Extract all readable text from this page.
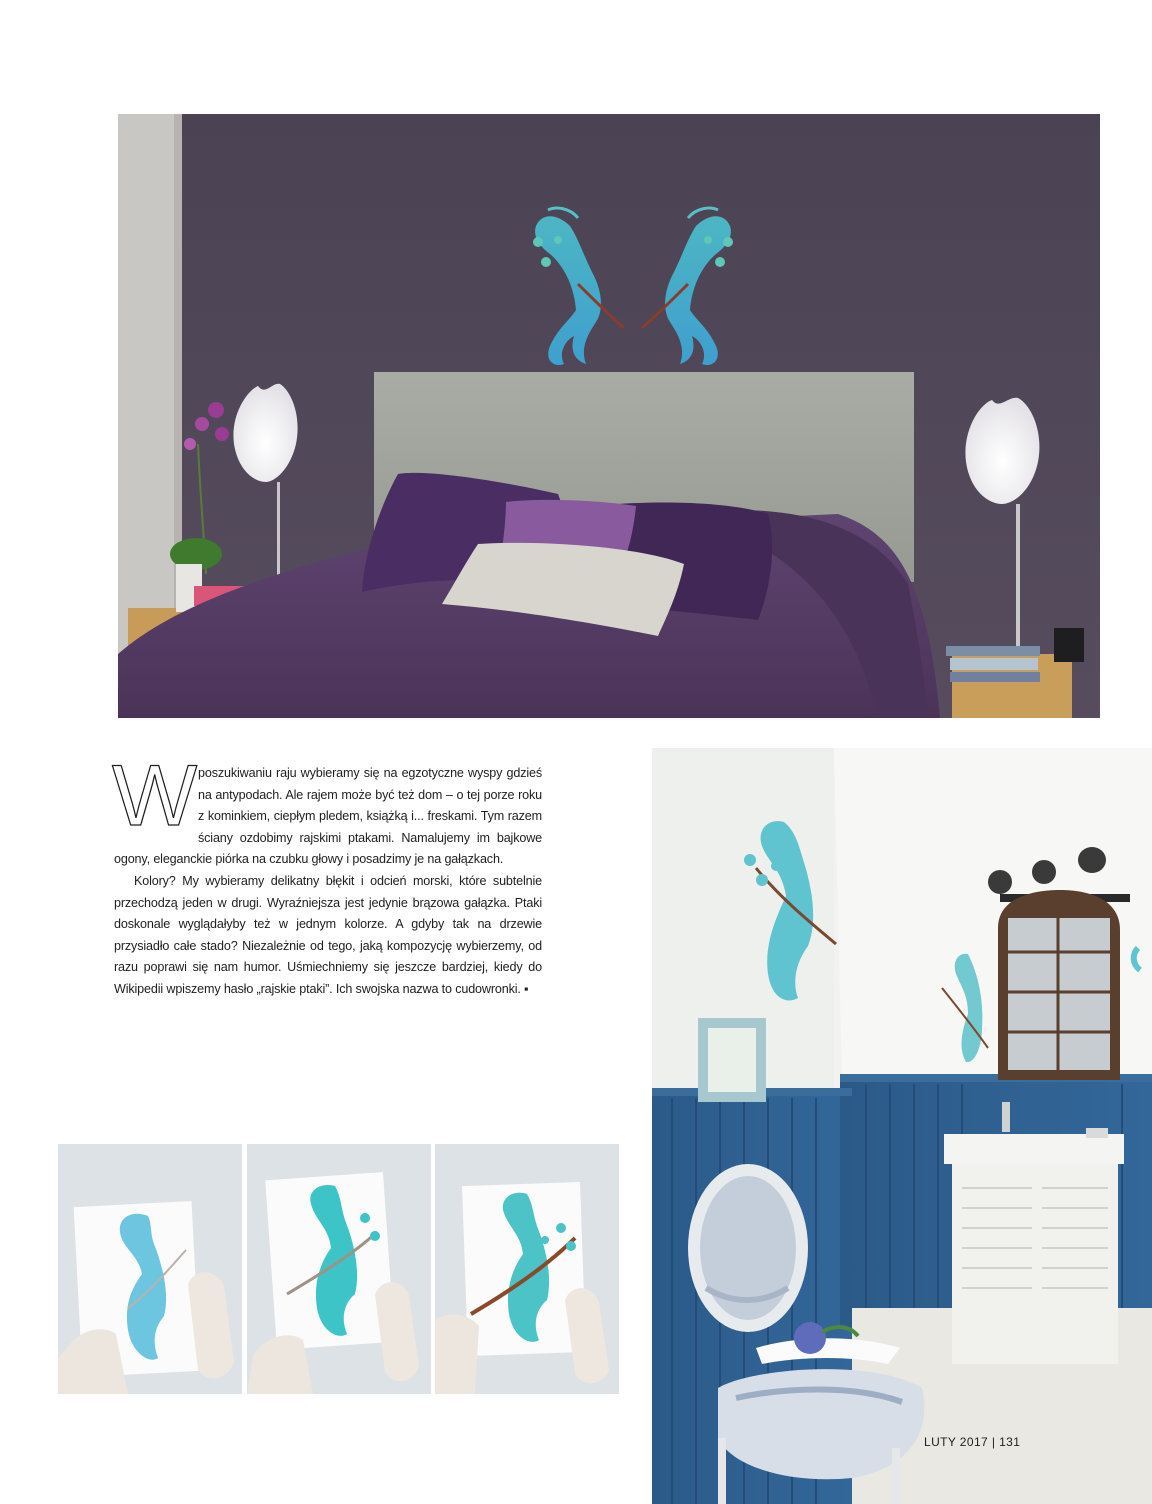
W poszukiwaniu raju wybieramy się na egzotyczne wyspy gdzieś na antypodach. Ale rajem może być też dom – o tej porze roku z kominkiem, ciepłym pledem, książką i... freskami. Tym razem ściany ozdobimy rajskimi ptakami. Namalujemy im bajkowe ogony, eleganckie piórka na czubku głowy i posadzimy je na gałązkach.

Kolory? My wybieramy delikatny błękit i odcień morski, które subtelnie przechodzą jeden w drugi. Wyraźniejsza jest jedynie brązowa gałązka. Ptaki doskonale wyglądałyby też w jednym kolorze. A gdyby tak na drzewie przysiadło całe stado? Niezależnie od tego, jaką kompozycję wybierzemy, od razu poprawi się nam humor. Uśmiechniemy się jeszcze bardziej, kiedy do Wikipedii wpiszemy hasło „rajskie ptaki”. Ich swojska nazwa to cudowronki. ▪

LUTY 2017 | 131
